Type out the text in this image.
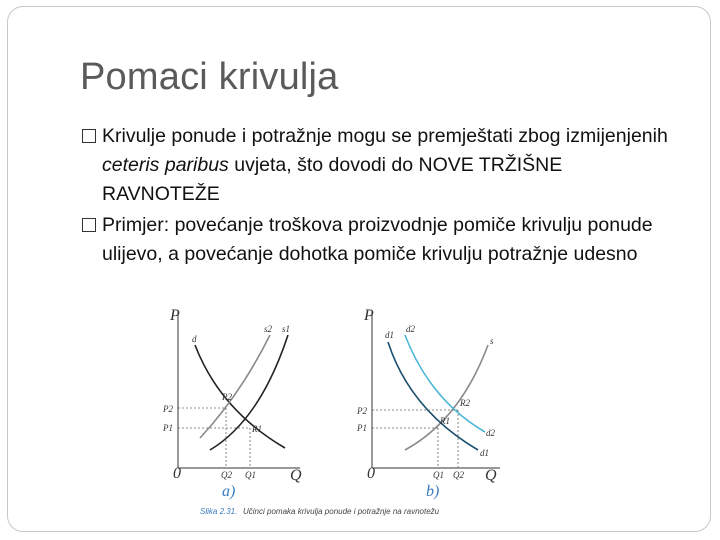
Pomaci krivulja
Krivulje ponude i potražnje mogu se premještati zbog izmijenjenih ceteris paribus uvjeta, što dovodi do NOVE TRŽIŠNE RAVNOTEŽE
Primjer: povećanje troškova proizvodnje pomiče krivulju ponude ulijevo, a povećanje dohotka pomiče krivulju potražnje udesno
P
Q
0
d
s2 s1
R2
R1
P2
P1
Q2 Q1
a)
P
Q
0
d1
d2
s
d2
d1
R2
R1
P2
P1
Q1 Q2
b)
Slika 2.31. Učinci pomaka krivulja ponude i potražnje na ravnotežu
